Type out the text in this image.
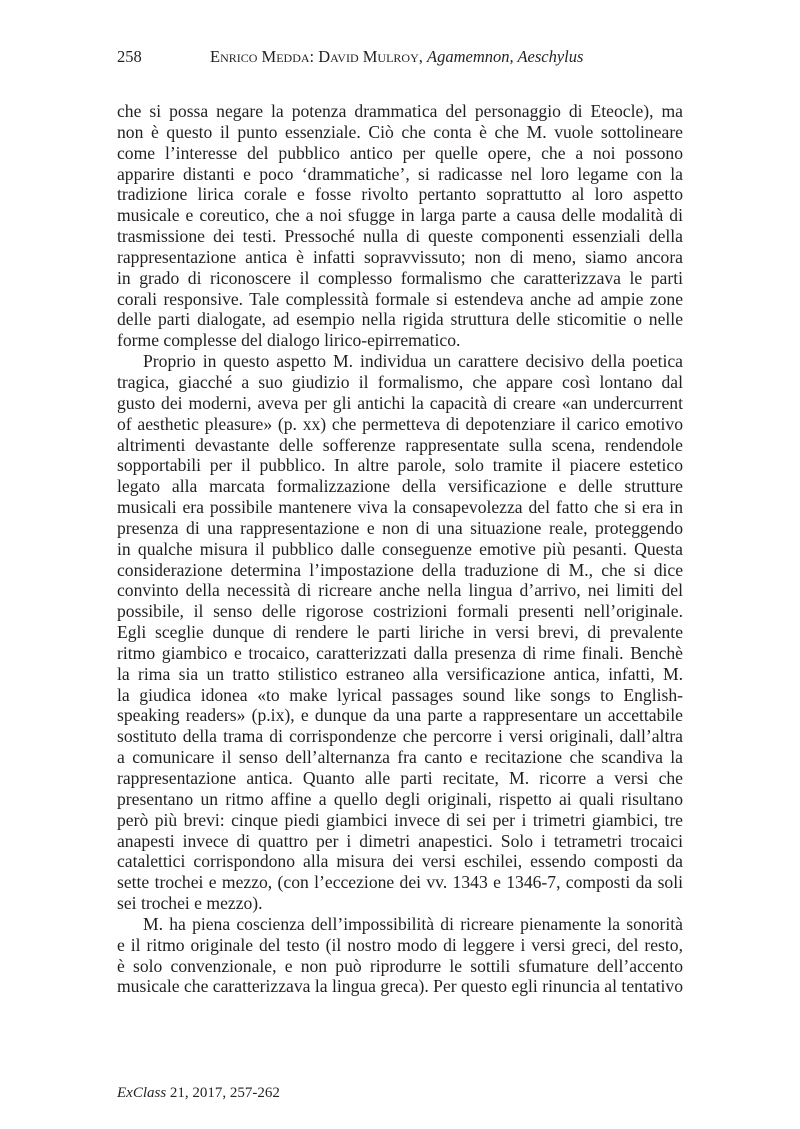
258	Enrico Medda: David Mulroy, Agamemnon, Aeschylus

che si possa negare la potenza drammatica del personaggio di Eteocle), ma
non è questo il punto essenziale. Ciò che conta è che M. vuole sottolineare
come l’interesse del pubblico antico per quelle opere, che a noi possono
apparire distanti e poco ‘drammatiche’, si radicasse nel loro legame con la
tradizione lirica corale e fosse rivolto pertanto soprattutto al loro aspetto
musicale e coreutico, che a noi sfugge in larga parte a causa delle modalità di
trasmissione dei testi. Pressoché nulla di queste componenti essenziali della
rappresentazione antica è infatti sopravvissuto; non di meno, siamo ancora
in grado di riconoscere il complesso formalismo che caratterizzava le parti
corali responsive. Tale complessità formale si estendeva anche ad ampie zone
delle parti dialogate, ad esempio nella rigida struttura delle sticomitie o nelle
forme complesse del dialogo lirico-epirrematico.

Proprio in questo aspetto M. individua un carattere decisivo della poetica
tragica, giacché a suo giudizio il formalismo, che appare così lontano dal
gusto dei moderni, aveva per gli antichi la capacità di creare «an undercurrent
of aesthetic pleasure» (p. xx) che permetteva di depotenziare il carico emotivo
altrimenti devastante delle sofferenze rappresentate sulla scena, rendendole
sopportabili per il pubblico. In altre parole, solo tramite il piacere estetico
legato alla marcata formalizzazione della versificazione e delle strutture
musicali era possibile mantenere viva la consapevolezza del fatto che si era in
presenza di una rappresentazione e non di una situazione reale, proteggendo
in qualche misura il pubblico dalle conseguenze emotive più pesanti. Questa
considerazione determina l’impostazione della traduzione di M., che si dice
convinto della necessità di ricreare anche nella lingua d’arrivo, nei limiti del
possibile, il senso delle rigorose costrizioni formali presenti nell’originale.
Egli sceglie dunque di rendere le parti liriche in versi brevi, di prevalente
ritmo giambico e trocaico, caratterizzati dalla presenza di rime finali. Benchè
la rima sia un tratto stilistico estraneo alla versificazione antica, infatti, M.
la giudica idonea «to make lyrical passages sound like songs to English-
speaking readers» (p.ix), e dunque da una parte a rappresentare un accettabile
sostituto della trama di corrispondenze che percorre i versi originali, dall’altra
a comunicare il senso dell’alternanza fra canto e recitazione che scandiva la
rappresentazione antica. Quanto alle parti recitate, M. ricorre a versi che
presentano un ritmo affine a quello degli originali, rispetto ai quali risultano
però più brevi: cinque piedi giambici invece di sei per i trimetri giambici, tre
anapesti invece di quattro per i dimetri anapestici. Solo i tetrametri trocaici
catalettici corrispondono alla misura dei versi eschilei, essendo composti da
sette trochei e mezzo, (con l’eccezione dei vv. 1343 e 1346-7, composti da soli
sei trochei e mezzo).

M. ha piena coscienza dell’impossibilità di ricreare pienamente la sonorità
e il ritmo originale del testo (il nostro modo di leggere i versi greci, del resto,
è solo convenzionale, e non può riprodurre le sottili sfumature dell’accento
musicale che caratterizzava la lingua greca). Per questo egli rinuncia al tentativo

ExClass 21, 2017, 257-262
